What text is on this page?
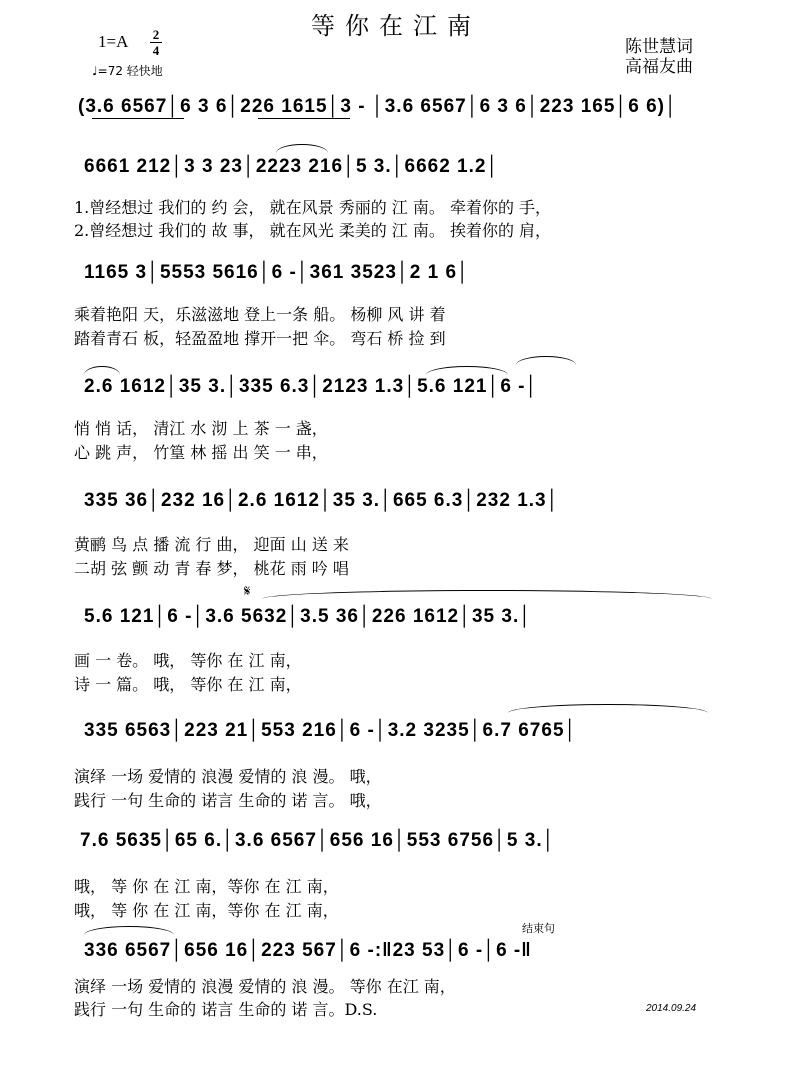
等你在江南
1=A 2
4
♩=72 轻快地
陈世慧词
高福友曲
(3.6 6567│6 3 6│226 1615│3 - │3.6 6567│6 3 6│223 165│6 6)│
6661 212│3 3 23│2223 216│5 3.│6662 1.2│
1.曾经想过 我们的 约 会， 就在风景 秀丽的 江 南。 牵着你的 手，
2.曾经想过 我们的 故 事， 就在风光 柔美的 江 南。 挨着你的 肩，
1165 3│5553 5616│6 -│361 3523│2 1 6│
乘着艳阳 天，乐滋滋地 登上一条 船。 杨柳 风 讲 着
踏着青石 板，轻盈盈地 撑开一把 伞。 弯石 桥 捡 到
2.6 1612│35 3.│335 6.3│2123 1.3│5.6 121│6 -│
悄 悄 话， 清江 水 沏 上 茶 一 盏，
心 跳 声， 竹篁 林 摇 出 笑 一 串，
335 36│232 16│2.6 1612│35 3.│665 6.3│232 1.3│
黄鹂 鸟 点 播 流 行 曲， 迎面 山 送 来
二胡 弦 颤 动 青 春 梦， 桃花 雨 吟 唱
𝄋
5.6 121│6 -│3.6 5632│3.5 36│226 1612│35 3.│
画 一 卷。 哦， 等你 在 江 南，
诗 一 篇。 哦， 等你 在 江 南，
335 6563│223 21│553 216│6 -│3.2 3235│6.7 6765│
演绎 一场 爱情的 浪漫 爱情的 浪 漫。 哦，
践行 一句 生命的 诺言 生命的 诺 言。 哦，
7.6 5635│65 6.│3.6 6567│656 16│553 6756│5 3.│
哦， 等 你 在 江 南，等你 在 江 南，
哦， 等 你 在 江 南，等你 在 江 南，
结束句
336 6567│656 16│223 567│6 -:‖23 53│6 -│6 -‖
演绎 一场 爱情的 浪漫 爱情的 浪 漫。 等你 在江 南，
践行 一句 生命的 诺言 生命的 诺 言。D.S.	2014.09.24
